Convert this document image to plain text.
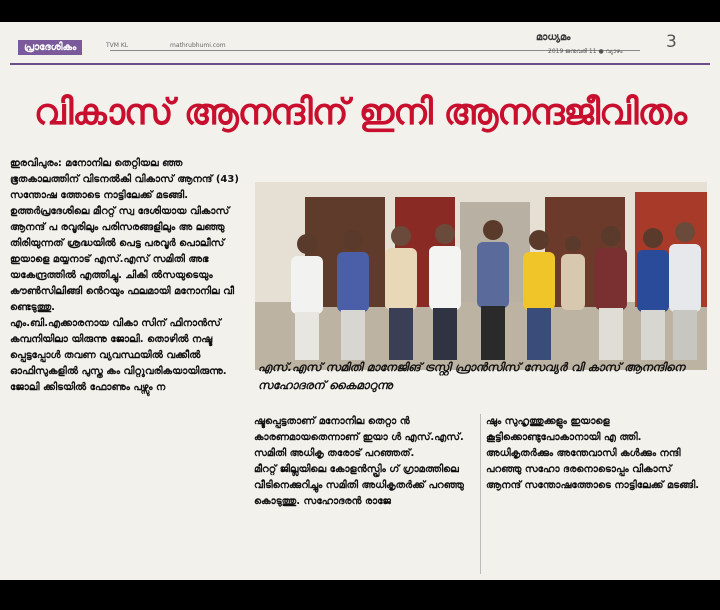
പ്രാദേശികം	TVM KL	mathrubhumi.com
മാധ്യമം
2019 ജനുവരി 11 ● വ്യാഴം	3
വികാസ് ആനന്ദിന് ഇനി ആനന്ദജീവിതം

ഇരവിപുരം: മനോനില തെറ്റിയല ഞ്ഞ ഭൂതകാലത്തിന് വിടനൽകി വികാസ് ആനന്ദ് (43) സന്തോഷ ത്തോടെ നാട്ടിലേക്ക് മടങ്ങി.

ഉത്തർപ്രദേശിലെ മീററ്റ് സ്വ ദേശിയായ വികാസ് ആനന്ദ് പ രവൂരിലും പരിസരങ്ങളിലും അ ലഞ്ഞു തിരിയുന്നത് ശ്രദ്ധയിൽ പെട്ട പരവൂർ പൊലീസ് ഇയാളെ മയ്യനാട് എസ്.എസ് സമിതി അഭ യകേന്ദ്രത്തിൽ എത്തിച്ചു. ചികി ൽസയുടെയും കൗൺസിലിങ്ങി ൻെറയും ഫലമായി മനോനില വീ ണ്ടെടുത്തു.

എം.ബി.എക്കാരനായ വികാ സിന് ഫിനാൻസ് കമ്പനിയിലാ യിരുന്നു ജോലി. തൊഴിൽ നഷ്ട പ്പെട്ടപ്പോൾ തവണ വ്യവസ്ഥയിൽ വക്കീൽ ഓഫിസുകളിൽ പുസ്ത കം വിറ്റുവരികയായിരുന്നു. ജോലി ക്കിടയിൽ ഫോണും പഴ്സും ന

എസ്.എസ് സമിതി മാനേജിങ് ട്രസ്റ്റി ഫ്രാൻസിസ് സേവ്യർ വി കാസ് ആനന്ദിനെ സഹോദരന് കൈമാറുന്നു

ഷ്ടപ്പെട്ടതാണ് മനോനില തെറ്റാ ൻ കാരണമായതെന്നാണ് ഇയാ ൾ എസ്.എസ്. സമിതി അധികൃ തരോട് പറഞ്ഞത്.

മീററ്റ് ജില്ലയിലെ കോളൻസ്പ്രിം ഗ് ഗ്രാമത്തിലെ വീടിനെക്കുറിച്ചും സമിതി അധികൃതർക്ക് പറഞ്ഞു കൊടുത്തു. സഹോദരൻ രാജേ

ഷും സുഹൃത്തുക്കളും ഇയാളെ കൂട്ടിക്കൊണ്ടുപോകാനായി എ ത്തി.

അധികൃതർക്കും അന്തേവാസി കൾക്കും നന്ദി പറഞ്ഞു സഹോ ദരനൊടൊപ്പം വികാസ് ആനന്ദ് സന്തോഷത്തോടെ നാട്ടിലേക്ക് മടങ്ങി.
